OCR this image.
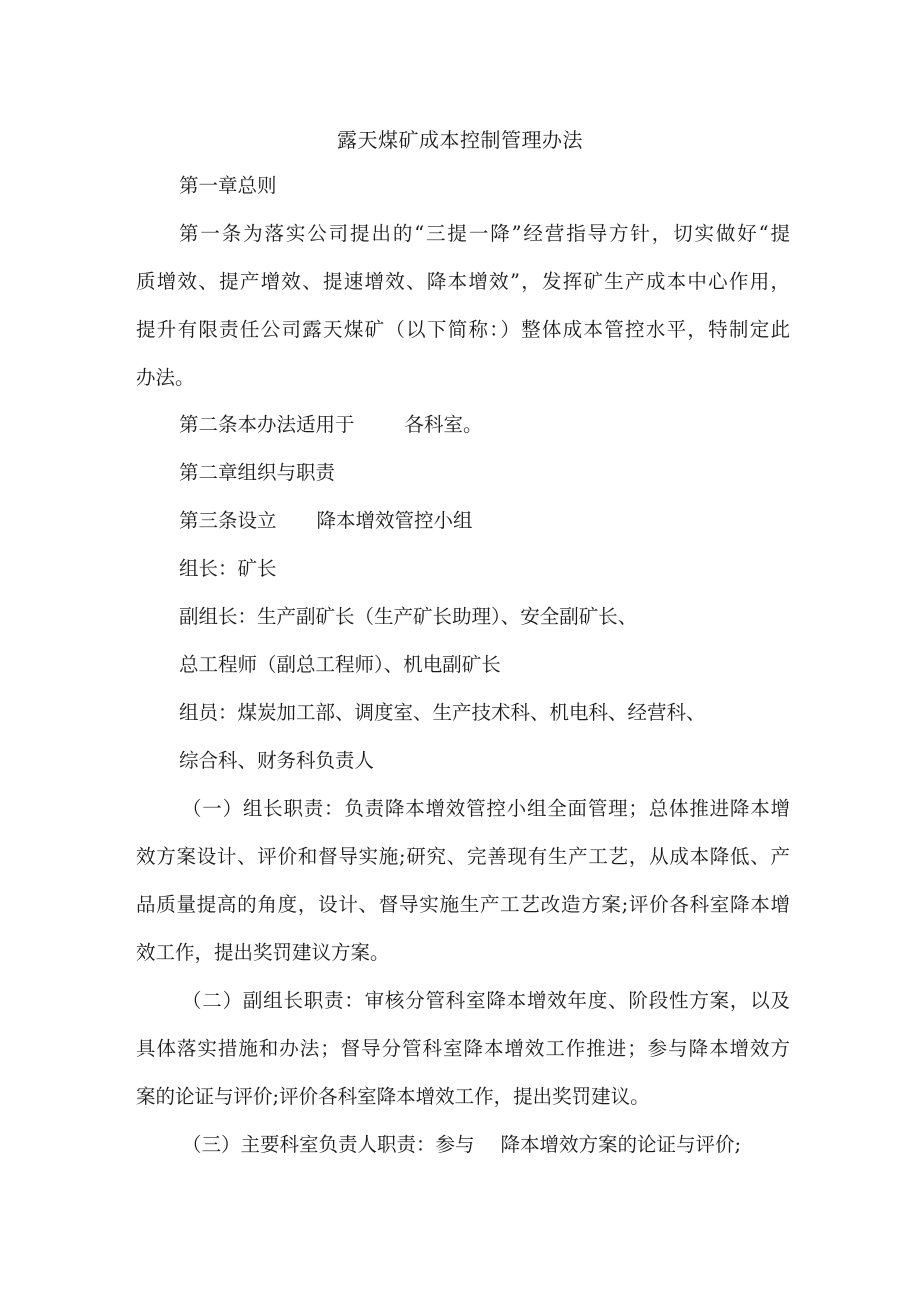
露天煤矿成本控制管理办法
第一章总则
第一条为落实公司提出的“三提一降”经营指导方针，切实做好“提
质增效、提产增效、提速增效、降本增效”，发挥矿生产成本中心作用，
提升有限责任公司露天煤矿（以下简称：）整体成本管控水平，特制定此
办法。
第二条本办法适用于	各科室。
第二章组织与职责
第三条设立 降本增效管控小组
组长：矿长
副组长：生产副矿长（生产矿长助理）、安全副矿长、
总工程师（副总工程师）、机电副矿长
组员：煤炭加工部、调度室、生产技术科、机电科、经营科、
综合科、财务科负责人
（一）组长职责：负责降本增效管控小组全面管理；总体推进降本增
效方案设计、评价和督导实施;研究、完善现有生产工艺，从成本降低、产
品质量提高的角度，设计、督导实施生产工艺改造方案;评价各科室降本增
效工作，提出奖罚建议方案。
（二）副组长职责：审核分管科室降本增效年度、阶段性方案，以及
具体落实措施和办法；督导分管科室降本增效工作推进；参与降本增效方
案的论证与评价;评价各科室降本增效工作，提出奖罚建议。
（三）主要科室负责人职责：参与 降本增效方案的论证与评价;
